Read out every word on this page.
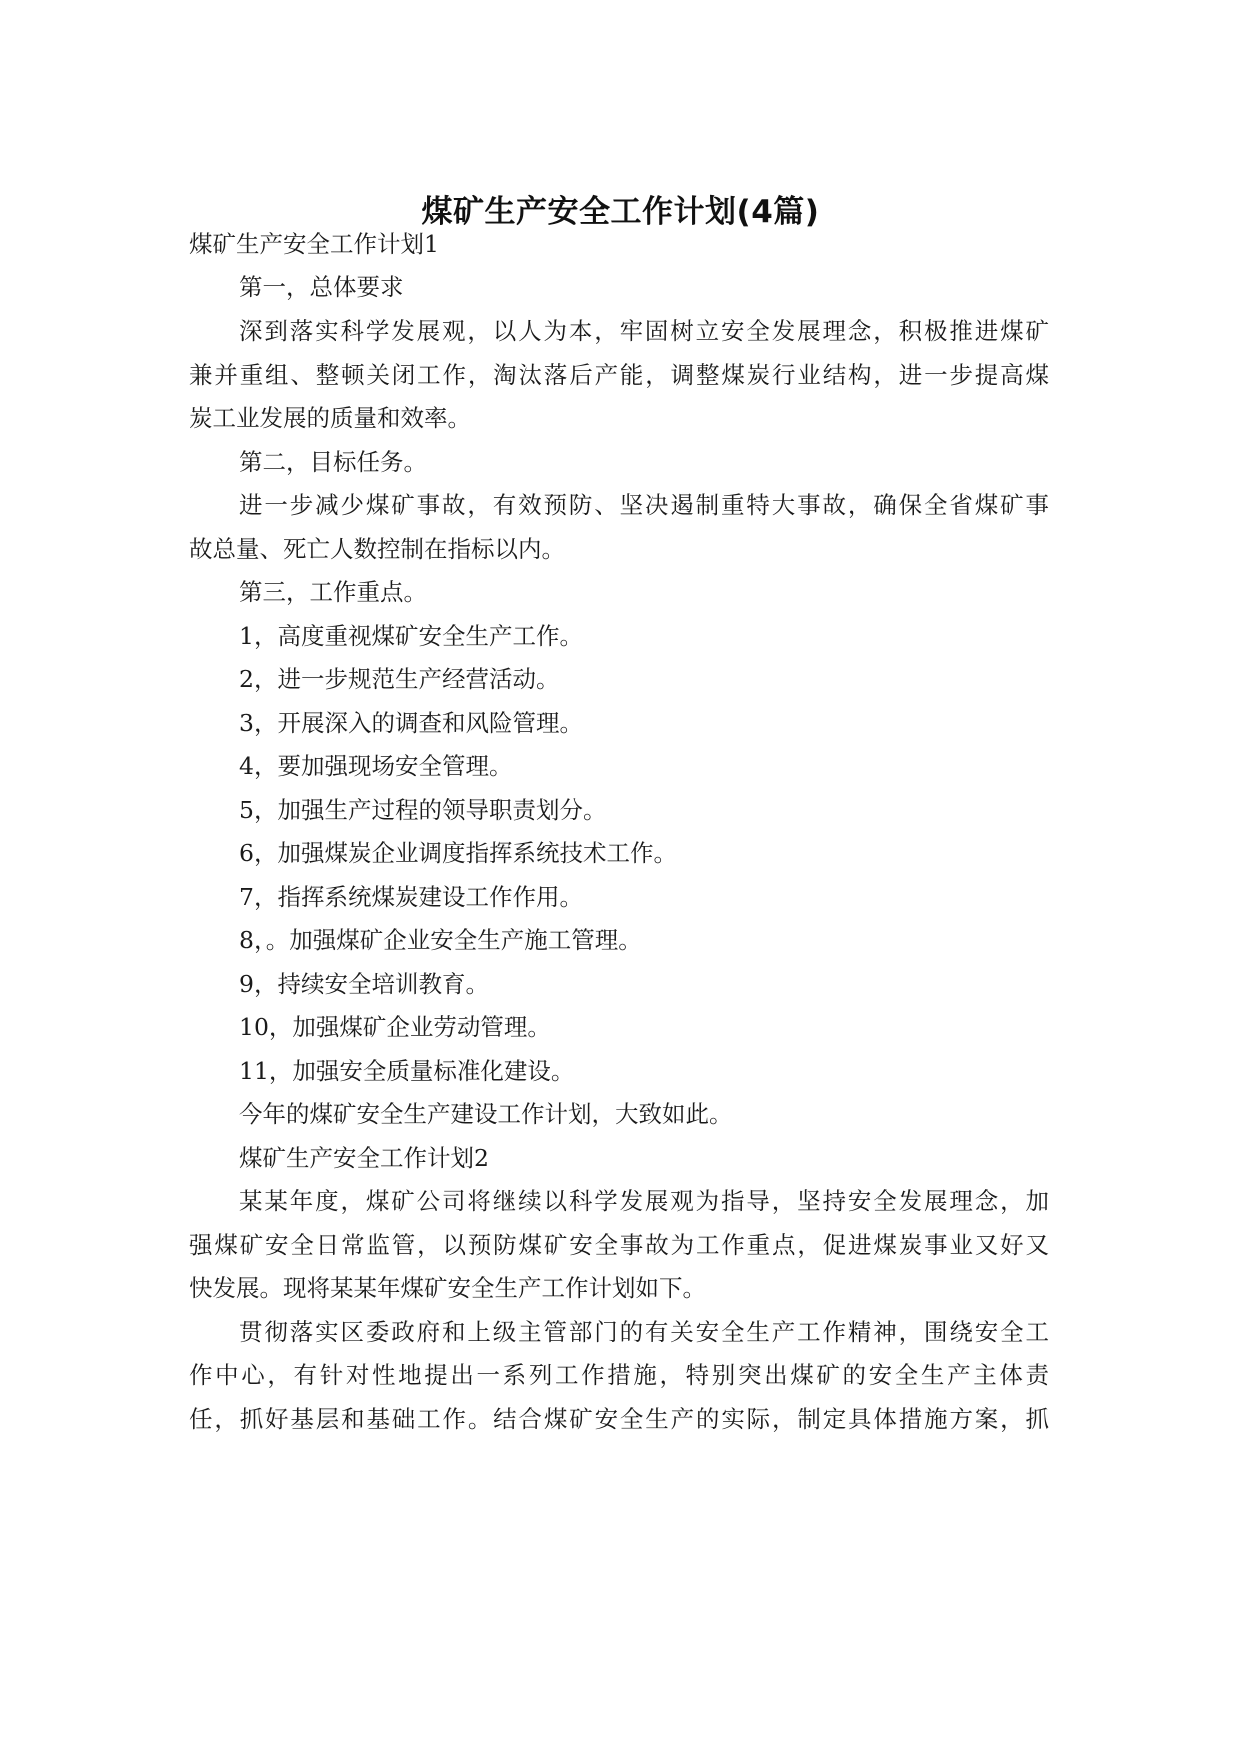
煤矿生产安全工作计划(4篇)
煤矿生产安全工作计划1
第一，总体要求
深到落实科学发展观，以人为本，牢固树立安全发展理念，积极推进煤矿
兼并重组、整顿关闭工作，淘汰落后产能，调整煤炭行业结构，进一步提高煤
炭工业发展的质量和效率。
第二，目标任务。
进一步减少煤矿事故，有效预防、坚决遏制重特大事故，确保全省煤矿事
故总量、死亡人数控制在指标以内。
第三，工作重点。
1，高度重视煤矿安全生产工作。
2，进一步规范生产经营活动。
3，开展深入的调查和风险管理。
4，要加强现场安全管理。
5，加强生产过程的领导职责划分。
6，加强煤炭企业调度指挥系统技术工作。
7，指挥系统煤炭建设工作作用。
8，。加强煤矿企业安全生产施工管理。
9，持续安全培训教育。
10，加强煤矿企业劳动管理。
11，加强安全质量标准化建设。
今年的煤矿安全生产建设工作计划，大致如此。
煤矿生产安全工作计划2
某某年度，煤矿公司将继续以科学发展观为指导，坚持安全发展理念，加
强煤矿安全日常监管，以预防煤矿安全事故为工作重点，促进煤炭事业又好又
快发展。现将某某年煤矿安全生产工作计划如下。
贯彻落实区委政府和上级主管部门的有关安全生产工作精神，围绕安全工
作中心，有针对性地提出一系列工作措施，特别突出煤矿的安全生产主体责
任，抓好基层和基础工作。结合煤矿安全生产的实际，制定具体措施方案，抓
